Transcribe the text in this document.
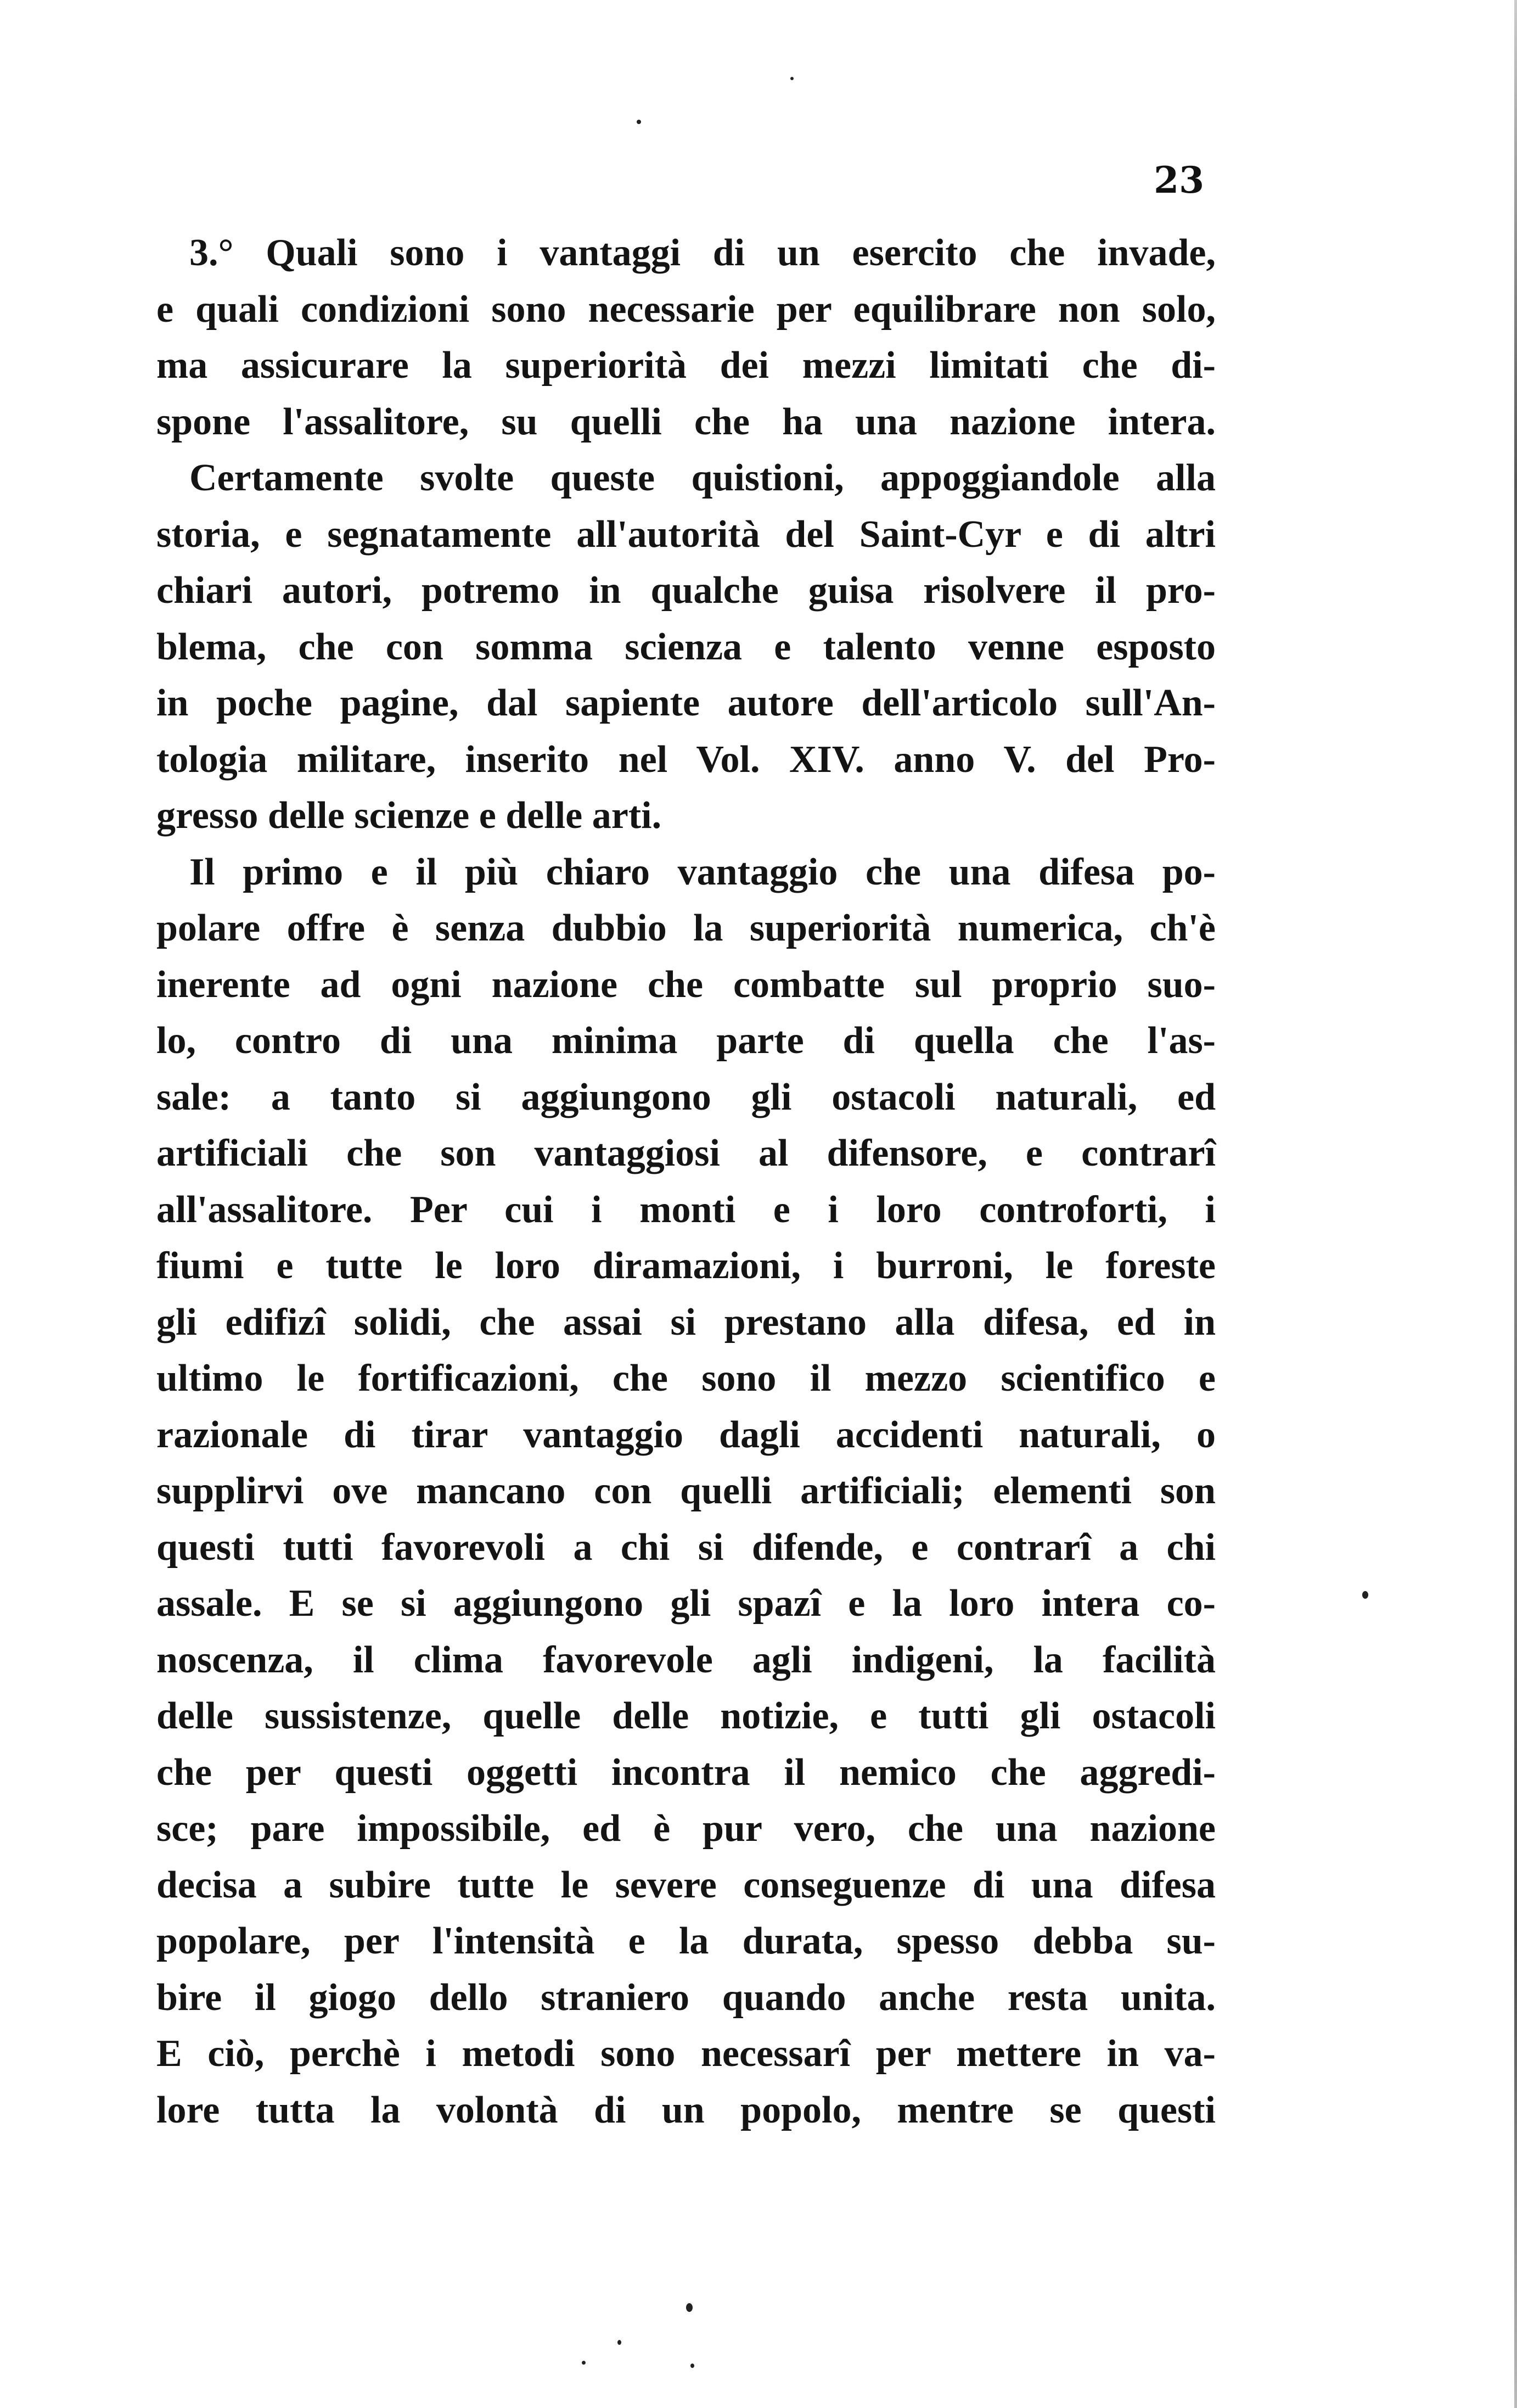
23
3.° Quali sono i vantaggi di un esercito che invade,
e quali condizioni sono necessarie per equilibrare non solo,
ma assicurare la superiorità dei mezzi limitati che di-
spone l'assalitore, su quelli che ha una nazione intera.
Certamente svolte queste quistioni, appoggiandole alla
storia, e segnatamente all'autorità del Saint-Cyr e di altri
chiari autori, potremo in qualche guisa risolvere il pro-
blema, che con somma scienza e talento venne esposto
in poche pagine, dal sapiente autore dell'articolo sull'An-
tologia militare, inserito nel Vol. XIV. anno V. del Pro-
gresso delle scienze e delle arti.
Il primo e il più chiaro vantaggio che una difesa po-
polare offre è senza dubbio la superiorità numerica, ch'è
inerente ad ogni nazione che combatte sul proprio suo-
lo, contro di una minima parte di quella che l'as-
sale: a tanto si aggiungono gli ostacoli naturali, ed
artificiali che son vantaggiosi al difensore, e contrarî
all'assalitore. Per cui i monti e i loro controforti, i
fiumi e tutte le loro diramazioni, i burroni, le foreste
gli edifizî solidi, che assai si prestano alla difesa, ed in
ultimo le fortificazioni, che sono il mezzo scientifico e
razionale di tirar vantaggio dagli accidenti naturali, o
supplirvi ove mancano con quelli artificiali; elementi son
questi tutti favorevoli a chi si difende, e contrarî a chi
assale. E se si aggiungono gli spazî e la loro intera co-
noscenza, il clima favorevole agli indigeni, la facilità
delle sussistenze, quelle delle notizie, e tutti gli ostacoli
che per questi oggetti incontra il nemico che aggredi-
sce; pare impossibile, ed è pur vero, che una nazione
decisa a subire tutte le severe conseguenze di una difesa
popolare, per l'intensità e la durata, spesso debba su-
bire il giogo dello straniero quando anche resta unita.
E ciò, perchè i metodi sono necessarî per mettere in va-
lore tutta la volontà di un popolo, mentre se questi
